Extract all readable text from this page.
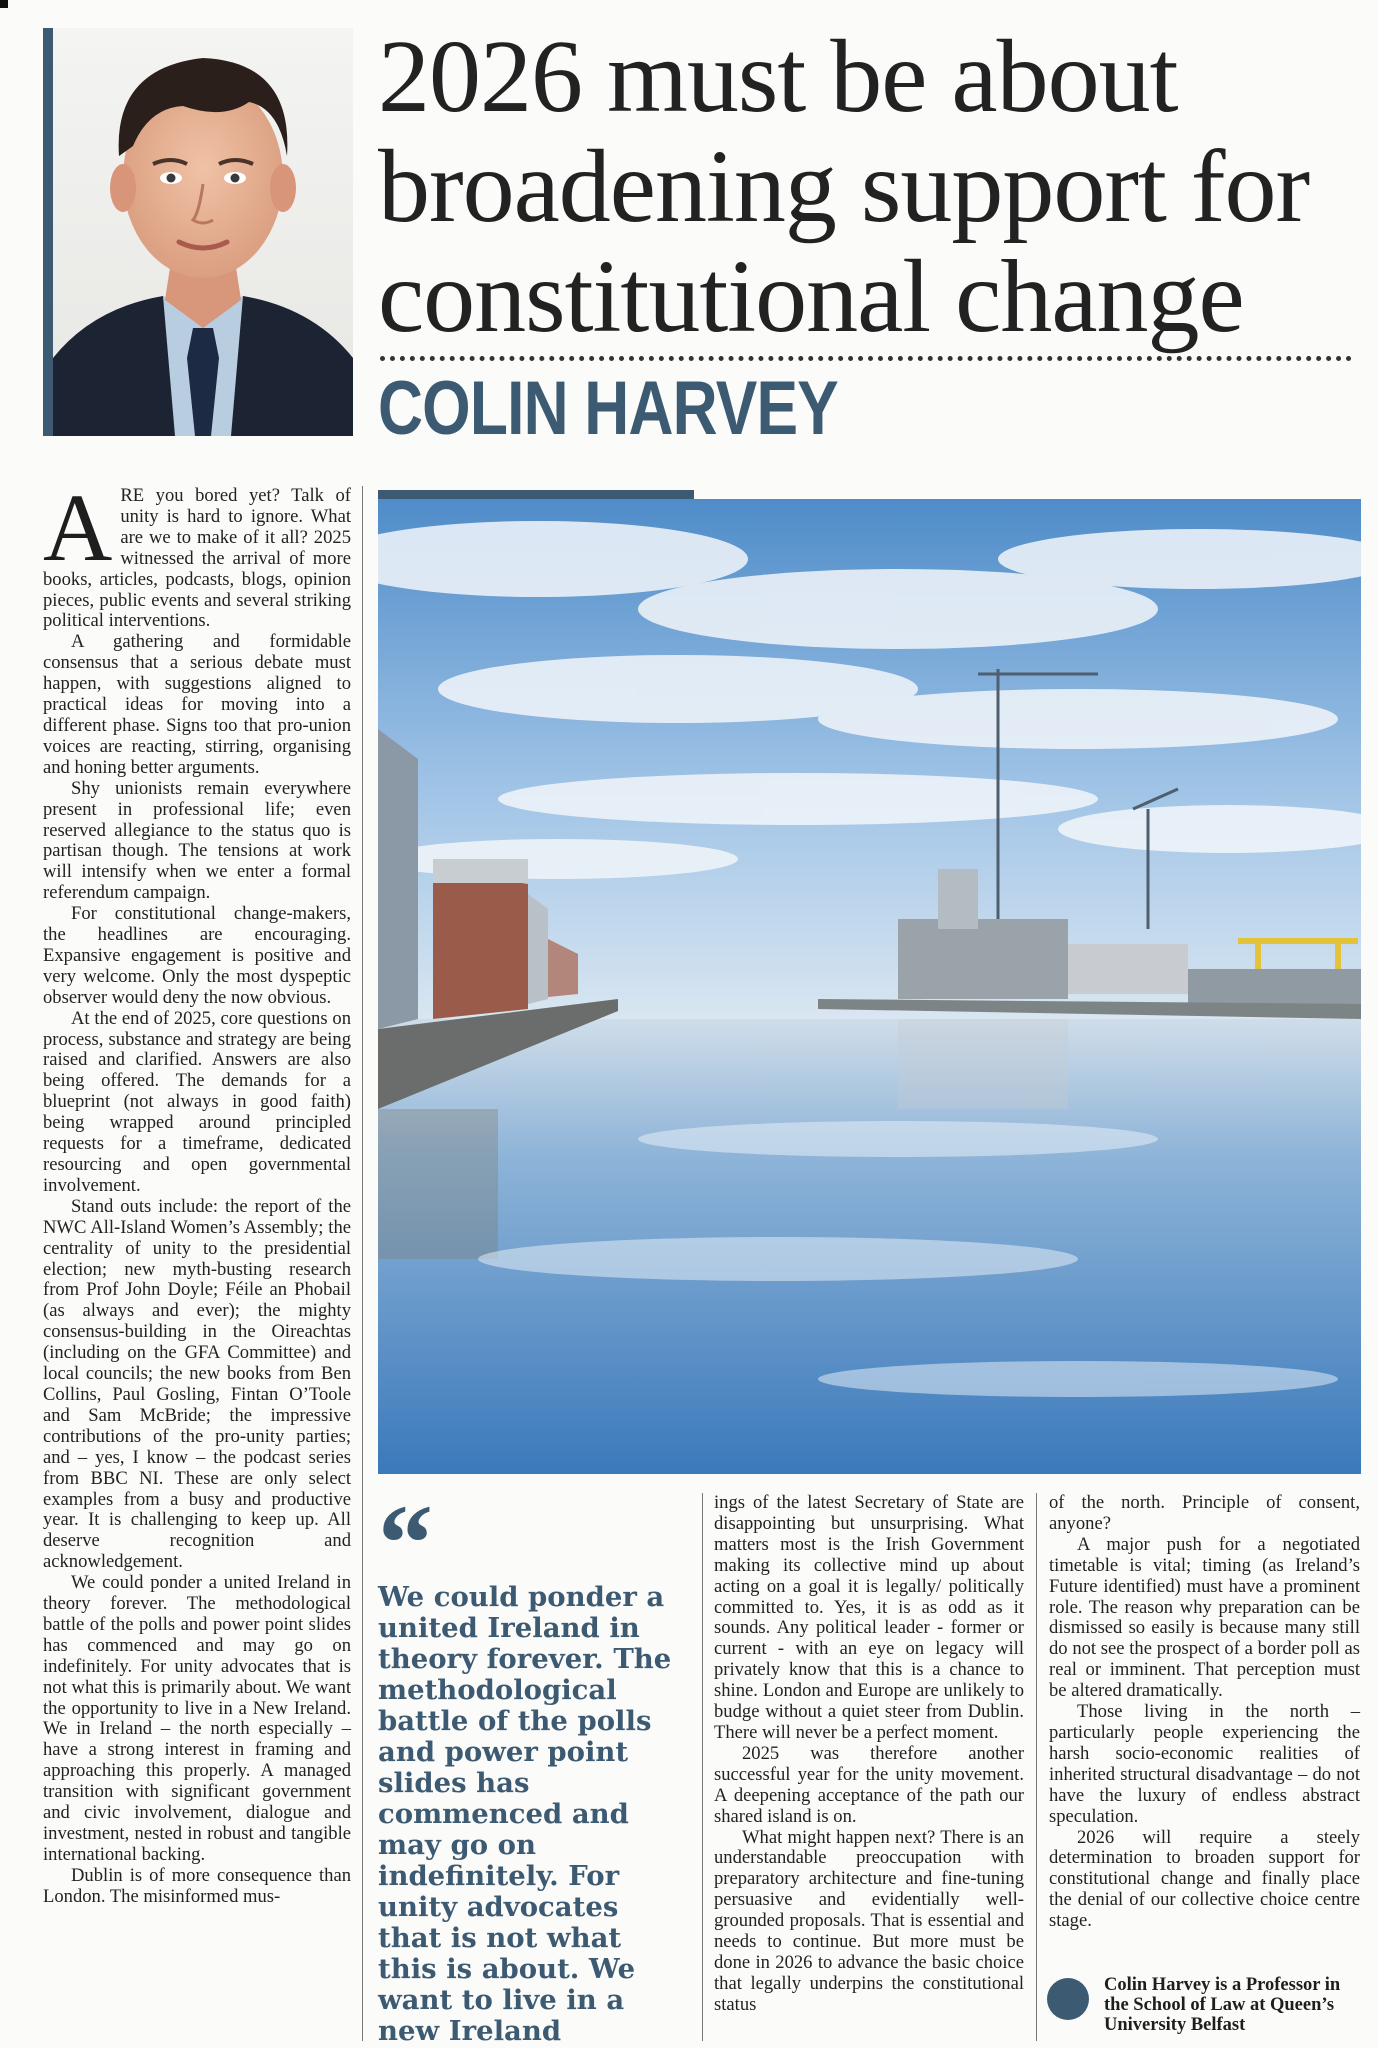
2026 must be about broadening support for constitutional change
COLIN HARVEY

ARE you bored yet? Talk of unity is hard to ignore. What are we to make of it all? 2025 witnessed the arrival of more books, articles, podcasts, blogs, opinion pieces, public events and several striking political interventions.

A gathering and formidable consensus that a serious debate must happen, with suggestions aligned to practical ideas for moving into a different phase. Signs too that pro-union voices are reacting, stirring, organising and honing better arguments.

Shy unionists remain everywhere present in professional life; even reserved allegiance to the status quo is partisan though. The tensions at work will intensify when we enter a formal referendum campaign.

For constitutional change-makers, the headlines are encouraging. Expansive engagement is positive and very welcome. Only the most dyspeptic observer would deny the now obvious.

At the end of 2025, core questions on process, substance and strategy are being raised and clarified. Answers are also being offered. The demands for a blueprint (not always in good faith) being wrapped around principled requests for a timeframe, dedicated resourcing and open governmental involvement.

Stand outs include: the report of the NWC All-Island Women’s Assembly; the centrality of unity to the presidential election; new myth-busting research from Prof John Doyle; Féile an Phobail (as always and ever); the mighty consensus-building in the Oireachtas (including on the GFA Committee) and local councils; the new books from Ben Collins, Paul Gosling, Fintan O’Toole and Sam McBride; the impressive contributions of the pro-unity parties; and – yes, I know – the podcast series from BBC NI. These are only select examples from a busy and productive year. It is challenging to keep up. All deserve recognition and acknowledgement.

We could ponder a united Ireland in theory forever. The methodological battle of the polls and power point slides has commenced and may go on indefinitely. For unity advocates that is not what this is primarily about. We want the opportunity to live in a New Ireland. We in Ireland – the north especially – have a strong interest in framing and approaching this properly. A managed transition with significant government and civic involvement, dialogue and investment, nested in robust and tangible international backing.

Dublin is of more consequence than London. The misinformed mus-

“

We could ponder a united Ireland in theory forever. The methodological battle of the polls and power point slides has commenced and may go on indefinitely. For unity advocates that is not what this is about. We want to live in a new Ireland

ings of the latest Secretary of State are disappointing but unsurprising. What matters most is the Irish Government making its collective mind up about acting on a goal it is legally/ politically committed to. Yes, it is as odd as it sounds. Any political leader - former or current - with an eye on legacy will privately know that this is a chance to shine. London and Europe are unlikely to budge without a quiet steer from Dublin. There will never be a perfect moment.

2025 was therefore another successful year for the unity movement. A deepening acceptance of the path our shared island is on.

What might happen next? There is an understandable preoccupation with preparatory architecture and fine-tuning persuasive and evidentially well-grounded proposals. That is essential and needs to continue. But more must be done in 2026 to advance the basic choice that legally underpins the constitutional status

of the north. Principle of consent, anyone?

A major push for a negotiated timetable is vital; timing (as Ireland’s Future identified) must have a prominent role. The reason why preparation can be dismissed so easily is because many still do not see the prospect of a border poll as real or imminent. That perception must be altered dramatically.

Those living in the north – particularly people experiencing the harsh socio-economic realities of inherited structural disadvantage – do not have the luxury of endless abstract speculation.

2026 will require a steely determination to broaden support for constitutional change and finally place the denial of our collective choice centre stage.

Colin Harvey is a Professor in the School of Law at Queen’s University Belfast
